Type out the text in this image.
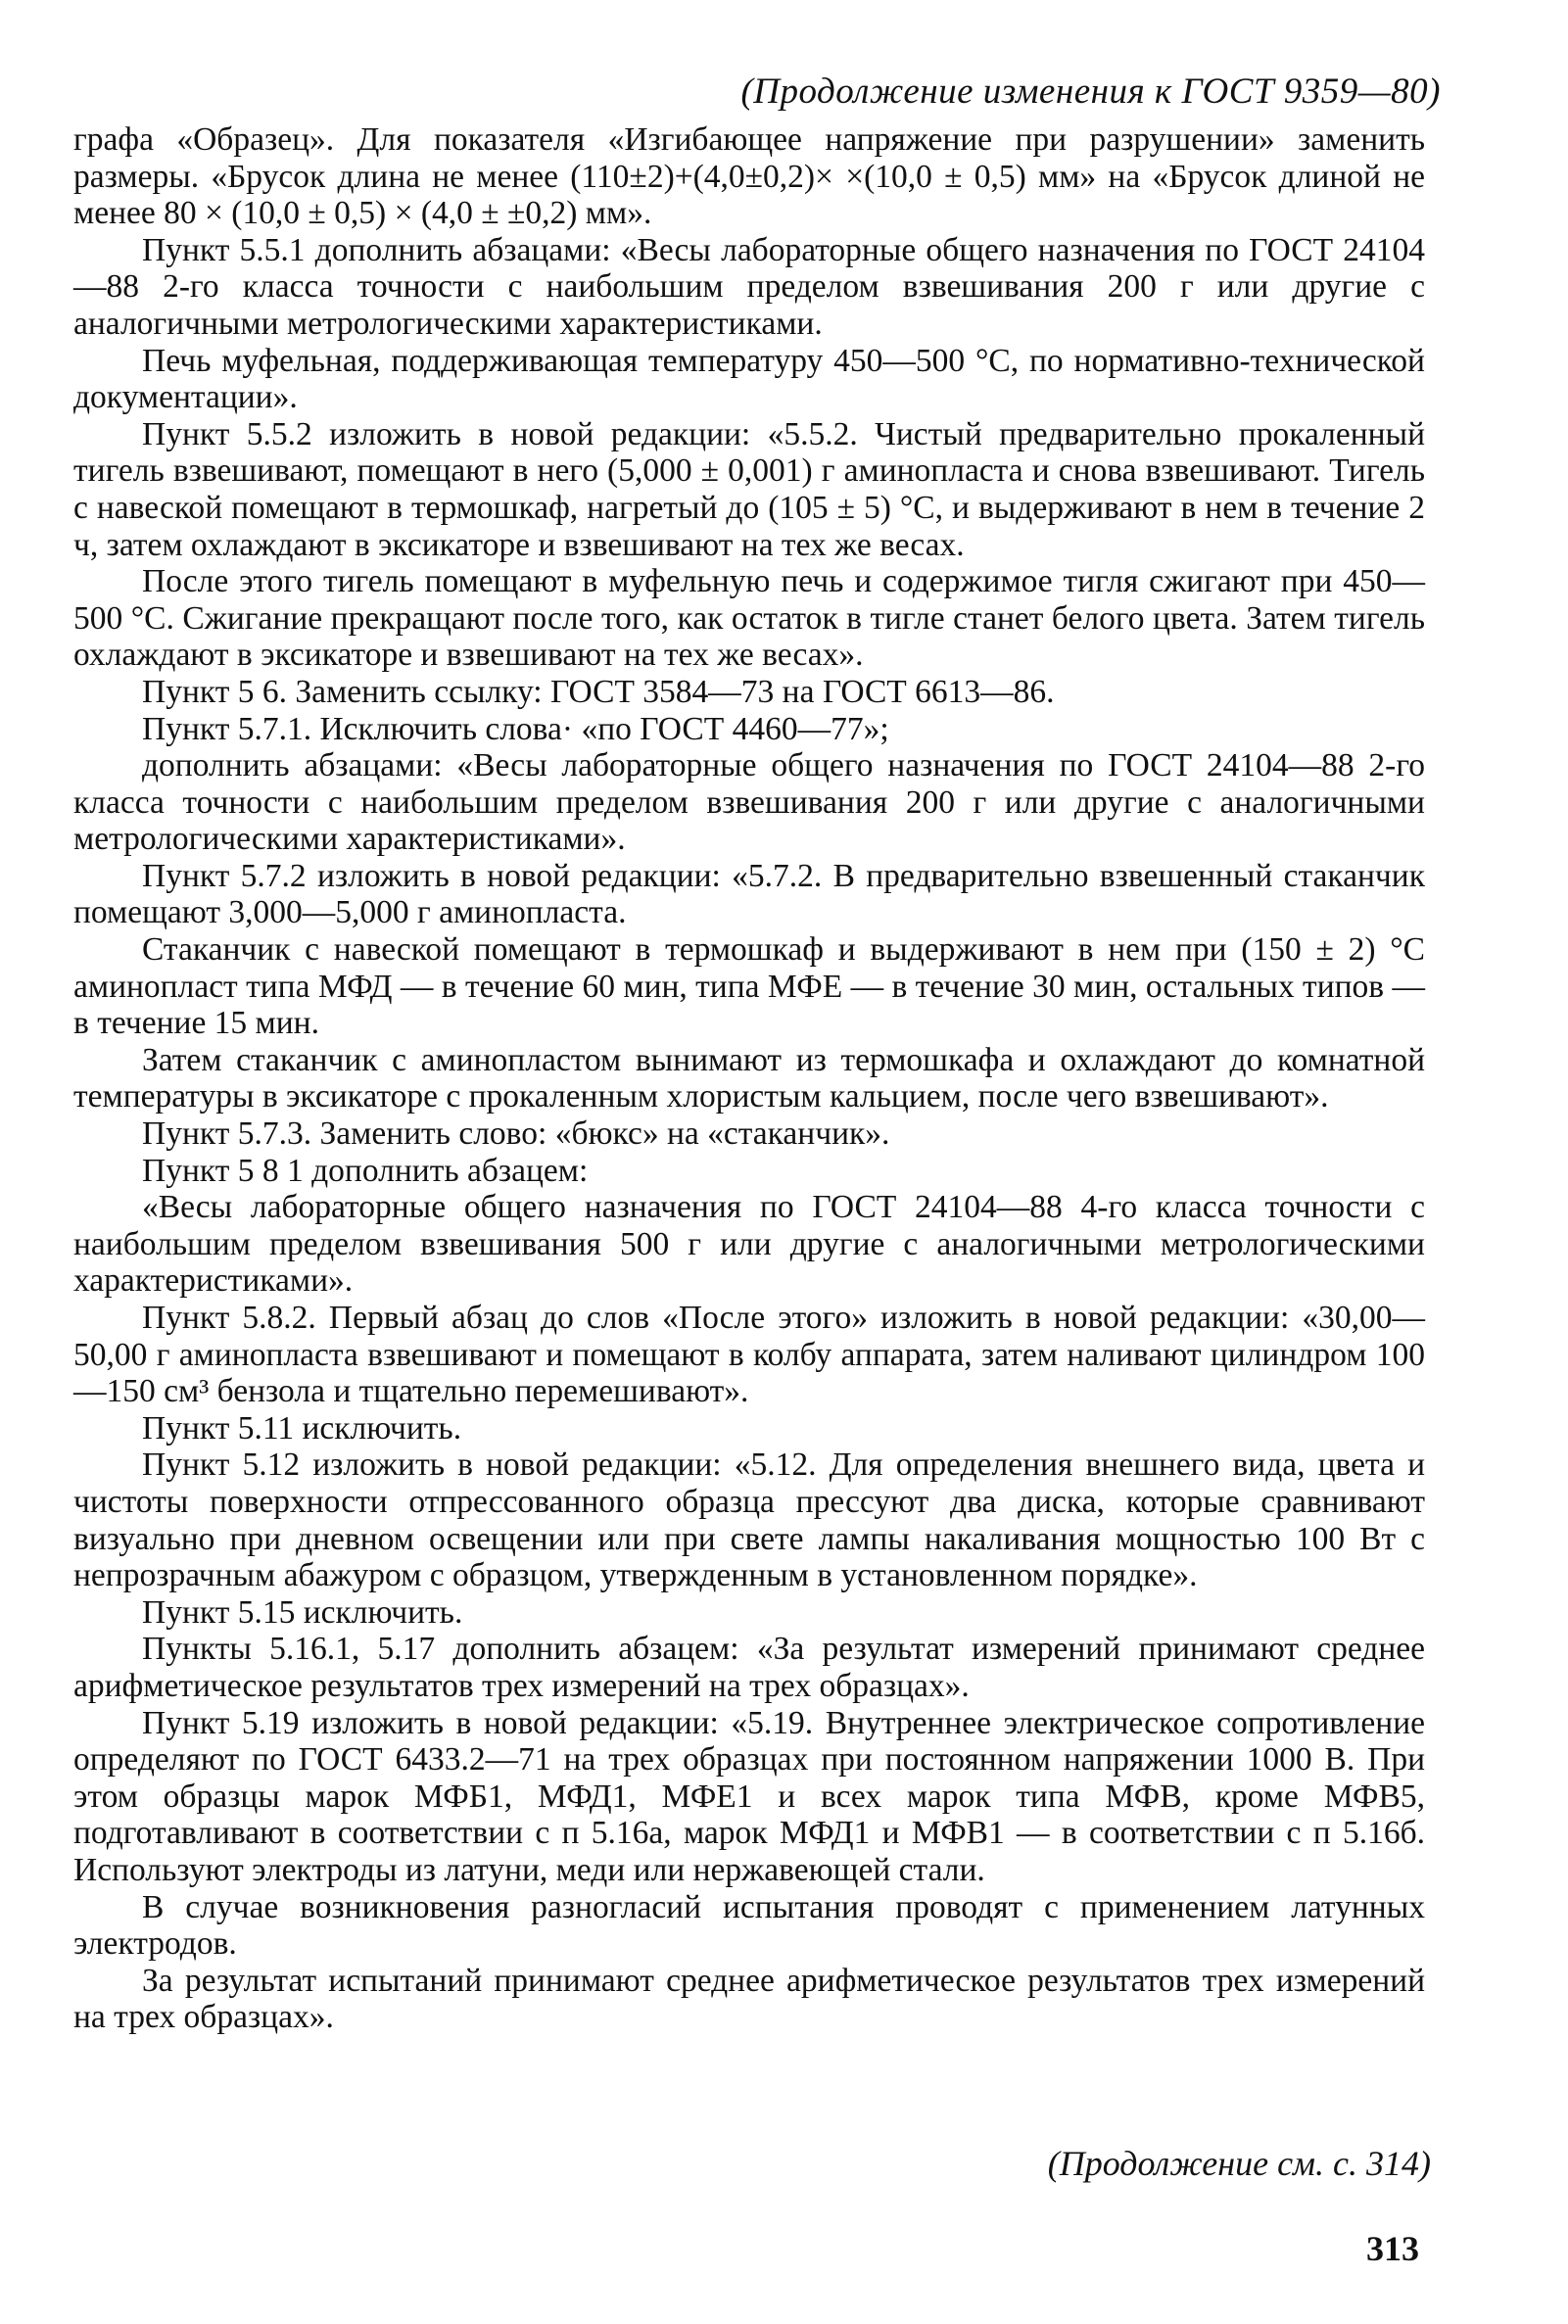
(Продолжение изменения к ГОСТ 9359—80)

графа «Образец». Для показателя «Изгибающее напряжение при разрушении» заменить размеры. «Брусок длина не менее (110±2)+(4,0±0,2)× ×(10,0 ± 0,5) мм» на «Брусок длиной не менее 80 × (10,0 ± 0,5) × (4,0 ± ±0,2) мм».

Пункт 5.5.1 дополнить абзацами: «Весы лабораторные общего назначения по ГОСТ 24104—88 2-го класса точности с наибольшим пределом взвешивания 200 г или другие с аналогичными метрологическими характеристиками.

Печь муфельная, поддерживающая температуру 450—500 °С, по нормативно-технической документации».

Пункт 5.5.2 изложить в новой редакции: «5.5.2. Чистый предварительно прокаленный тигель взвешивают, помещают в него (5,000 ± 0,001) г аминопласта и снова взвешивают. Тигель с навеской помещают в термошкаф, нагретый до (105 ± 5) °С, и выдерживают в нем в течение 2 ч, затем охлаждают в эксикаторе и взвешивают на тех же весах.

После этого тигель помещают в муфельную печь и содержимое тигля сжигают при 450—500 °С. Сжигание прекращают после того, как остаток в тигле станет белого цвета. Затем тигель охлаждают в эксикаторе и взвешивают на тех же весах».

Пункт 5 6. Заменить ссылку: ГОСТ 3584—73 на ГОСТ 6613—86.

Пункт 5.7.1. Исключить слова· «по ГОСТ 4460—77»;

дополнить абзацами: «Весы лабораторные общего назначения по ГОСТ 24104—88 2-го класса точности с наибольшим пределом взвешивания 200 г или другие с аналогичными метрологическими характеристиками».

Пункт 5.7.2 изложить в новой редакции: «5.7.2. В предварительно взвешенный стаканчик помещают 3,000—5,000 г аминопласта.

Стаканчик с навеской помещают в термошкаф и выдерживают в нем при (150 ± 2) °С аминопласт типа МФД — в течение 60 мин, типа МФЕ — в течение 30 мин, остальных типов — в течение 15 мин.

Затем стаканчик с аминопластом вынимают из термошкафа и охлаждают до комнатной температуры в эксикаторе с прокаленным хлористым кальцием, после чего взвешивают».

Пункт 5.7.3. Заменить слово: «бюкс» на «стаканчик».

Пункт 5 8 1 дополнить абзацем:

«Весы лабораторные общего назначения по ГОСТ 24104—88 4-го класса точности с наибольшим пределом взвешивания 500 г или другие с аналогичными метрологическими характеристиками».

Пункт 5.8.2. Первый абзац до слов «После этого» изложить в новой редакции: «30,00—50,00 г аминопласта взвешивают и помещают в колбу аппарата, затем наливают цилиндром 100—150 см³ бензола и тщательно перемешивают».

Пункт 5.11 исключить.

Пункт 5.12 изложить в новой редакции: «5.12. Для определения внешнего вида, цвета и чистоты поверхности отпрессованного образца прессуют два диска, которые сравнивают визуально при дневном освещении или при свете лампы накаливания мощностью 100 Вт с непрозрачным абажуром с образцом, утвержденным в установленном порядке».

Пункт 5.15 исключить.

Пункты 5.16.1, 5.17 дополнить абзацем: «За результат измерений принимают среднее арифметическое результатов трех измерений на трех образцах».

Пункт 5.19 изложить в новой редакции: «5.19. Внутреннее электрическое сопротивление определяют по ГОСТ 6433.2—71 на трех образцах при постоянном напряжении 1000 В. При этом образцы марок МФБ1, МФД1, МФЕ1 и всех марок типа МФВ, кроме МФВ5, подготавливают в соответствии с п 5.16а, марок МФД1 и МФВ1 — в соответствии с п 5.16б. Используют электроды из латуни, меди или нержавеющей стали.

В случае возникновения разногласий испытания проводят с применением латунных электродов.

За результат испытаний принимают среднее арифметическое результатов трех измерений на трех образцах».

(Продолжение см. с. 314)
313
